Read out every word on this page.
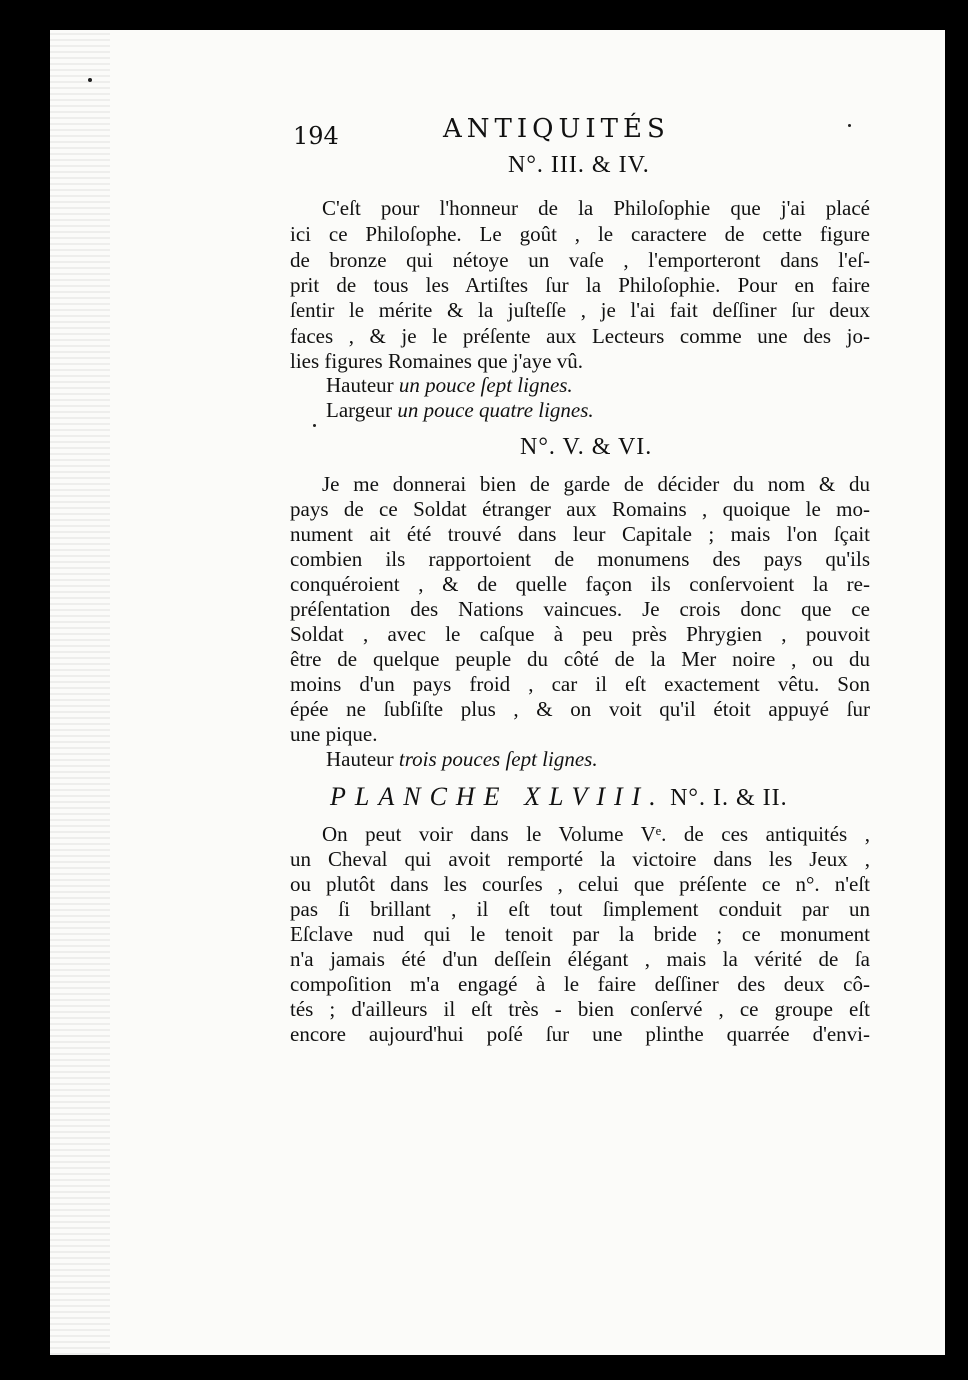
194	ANTIQUITÉS
N°. III. & IV.
C'eſt pour l'honneur de la Philoſophie que j'ai placé
ici ce Philoſophe. Le goût , le caractere de cette figure
de bronze qui nétoye un vaſe , l'emporteront dans l'eſ-
prit de tous les Artiſtes ſur la Philoſophie. Pour en faire
ſentir le mérite & la juſteſſe , je l'ai fait deſſiner ſur deux
faces , & je le préſente aux Lecteurs comme une des jo-
lies figures Romaines que j'aye vû.
Hauteur un pouce ſept lignes.
Largeur un pouce quatre lignes.
N°. V. & VI.
Je me donnerai bien de garde de décider du nom & du
pays de ce Soldat étranger aux Romains , quoique le mo-
nument ait été trouvé dans leur Capitale ; mais l'on ſçait
combien ils rapportoient de monumens des pays qu'ils
conquéroient , & de quelle façon ils conſervoient la re-
préſentation des Nations vaincues. Je crois donc que ce
Soldat , avec le caſque à peu près Phrygien , pouvoit
être de quelque peuple du côté de la Mer noire , ou du
moins d'un pays froid , car il eſt exactement vêtu. Son
épée ne ſubſiſte plus , & on voit qu'il étoit appuyé ſur
une pique.
Hauteur trois pouces ſept lignes.
PLANCHE XLVIII. N°. I. & II.
On peut voir dans le Volume Vᵉ. de ces antiquités ,
un Cheval qui avoit remporté la victoire dans les Jeux ,
ou plutôt dans les courſes , celui que préſente ce n°. n'eſt
pas ſi brillant , il eſt tout ſimplement conduit par un
Eſclave nud qui le tenoit par la bride ; ce monument
n'a jamais été d'un deſſein élégant , mais la vérité de ſa
compoſition m'a engagé à le faire deſſiner des deux cô-
tés ; d'ailleurs il eſt très - bien conſervé , ce groupe eſt
encore aujourd'hui poſé ſur une plinthe quarrée d'envi-
